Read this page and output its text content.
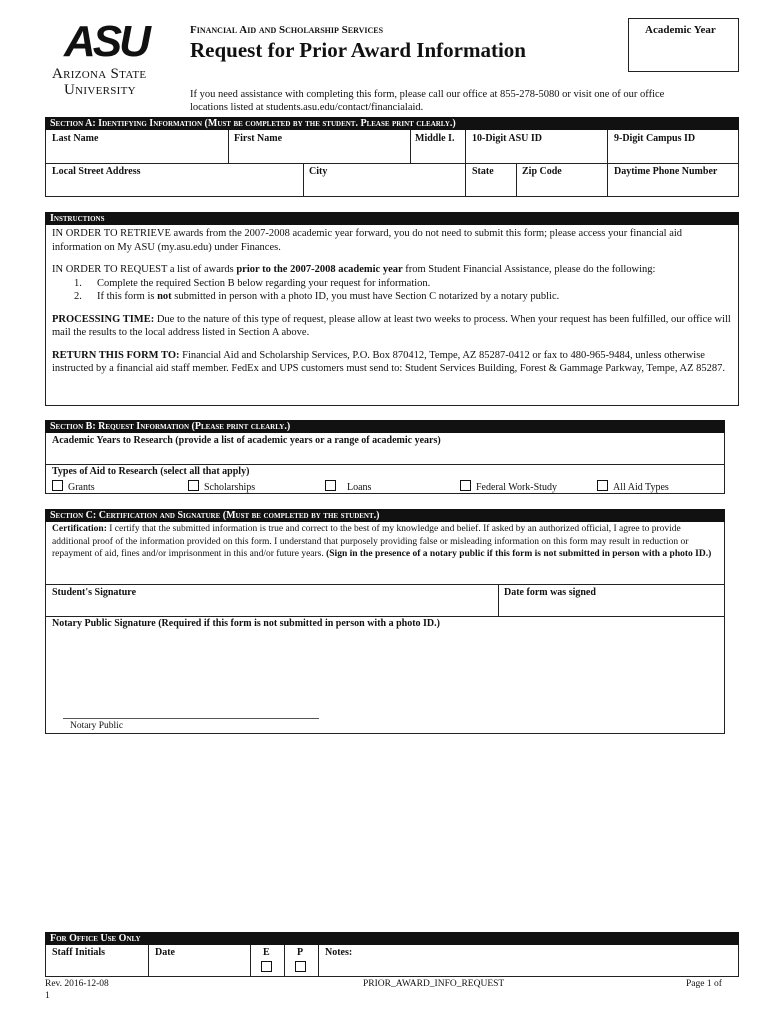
ASU
Arizona State
University
Financial Aid and Scholarship Services
Request for Prior Award Information
Academic Year
If you need assistance with completing this form, please call our office at 855-278-5080 or visit one of our office
locations listed at students.asu.edu/contact/financialaid.
Section A: Identifying Information (Must be completed by the student. Please print clearly.)
Last Name	First Name	Middle I. 10-Digit ASU ID	9-Digit Campus ID
Local Street Address	City	State	Zip Code	Daytime Phone Number
Instructions

IN ORDER TO RETRIEVE awards from the 2007-2008 academic year forward, you do not need to submit this form; please access your financial aid information on My ASU (my.asu.edu) under Finances.

IN ORDER TO REQUEST a list of awards prior to the 2007-2008 academic year from Student Financial Assistance, please do the following:

1. Complete the required Section B below regarding your request for information.

2. If this form is not submitted in person with a photo ID, you must have Section C notarized by a notary public.

PROCESSING TIME: Due to the nature of this type of request, please allow at least two weeks to process. When your request has been fulfilled, our office will mail the results to the local address listed in Section A above.

RETURN THIS FORM TO: Financial Aid and Scholarship Services, P.O. Box 870412, Tempe, AZ 85287-0412 or fax to 480-965-9484, unless otherwise instructed by a financial aid staff member. FedEx and UPS customers must send to: Student Services Building, Forest & Gammage Parkway, Tempe, AZ 85287.

Section B: Request Information (Please print clearly.)
Academic Years to Research (provide a list of academic years or a range of academic years)
Types of Aid to Research (select all that apply)
Grants	Scholarships	Loans	Federal Work-Study	All Aid Types
Section C: Certification and Signature (Must be completed by the student.)
Certification: I certify that the submitted information is true and correct to the best of my knowledge and belief. If asked by an authorized official, I agree to provide additional proof of the information provided on this form. I understand that purposely providing false or misleading information on this form may result in reduction or repayment of aid, fines and/or imprisonment in this and/or future years. (Sign in the presence of a notary public if this form is not submitted in person with a photo ID.)
Student's Signature	Date form was signed
Notary Public Signature (Required if this form is not submitted in person with a photo ID.)
Notary Public
For Office Use Only
Staff Initials	Date	E	P Notes:
Rev. 2016-12-08
1
PRIOR_AWARD_INFO_REQUEST	Page 1 of
